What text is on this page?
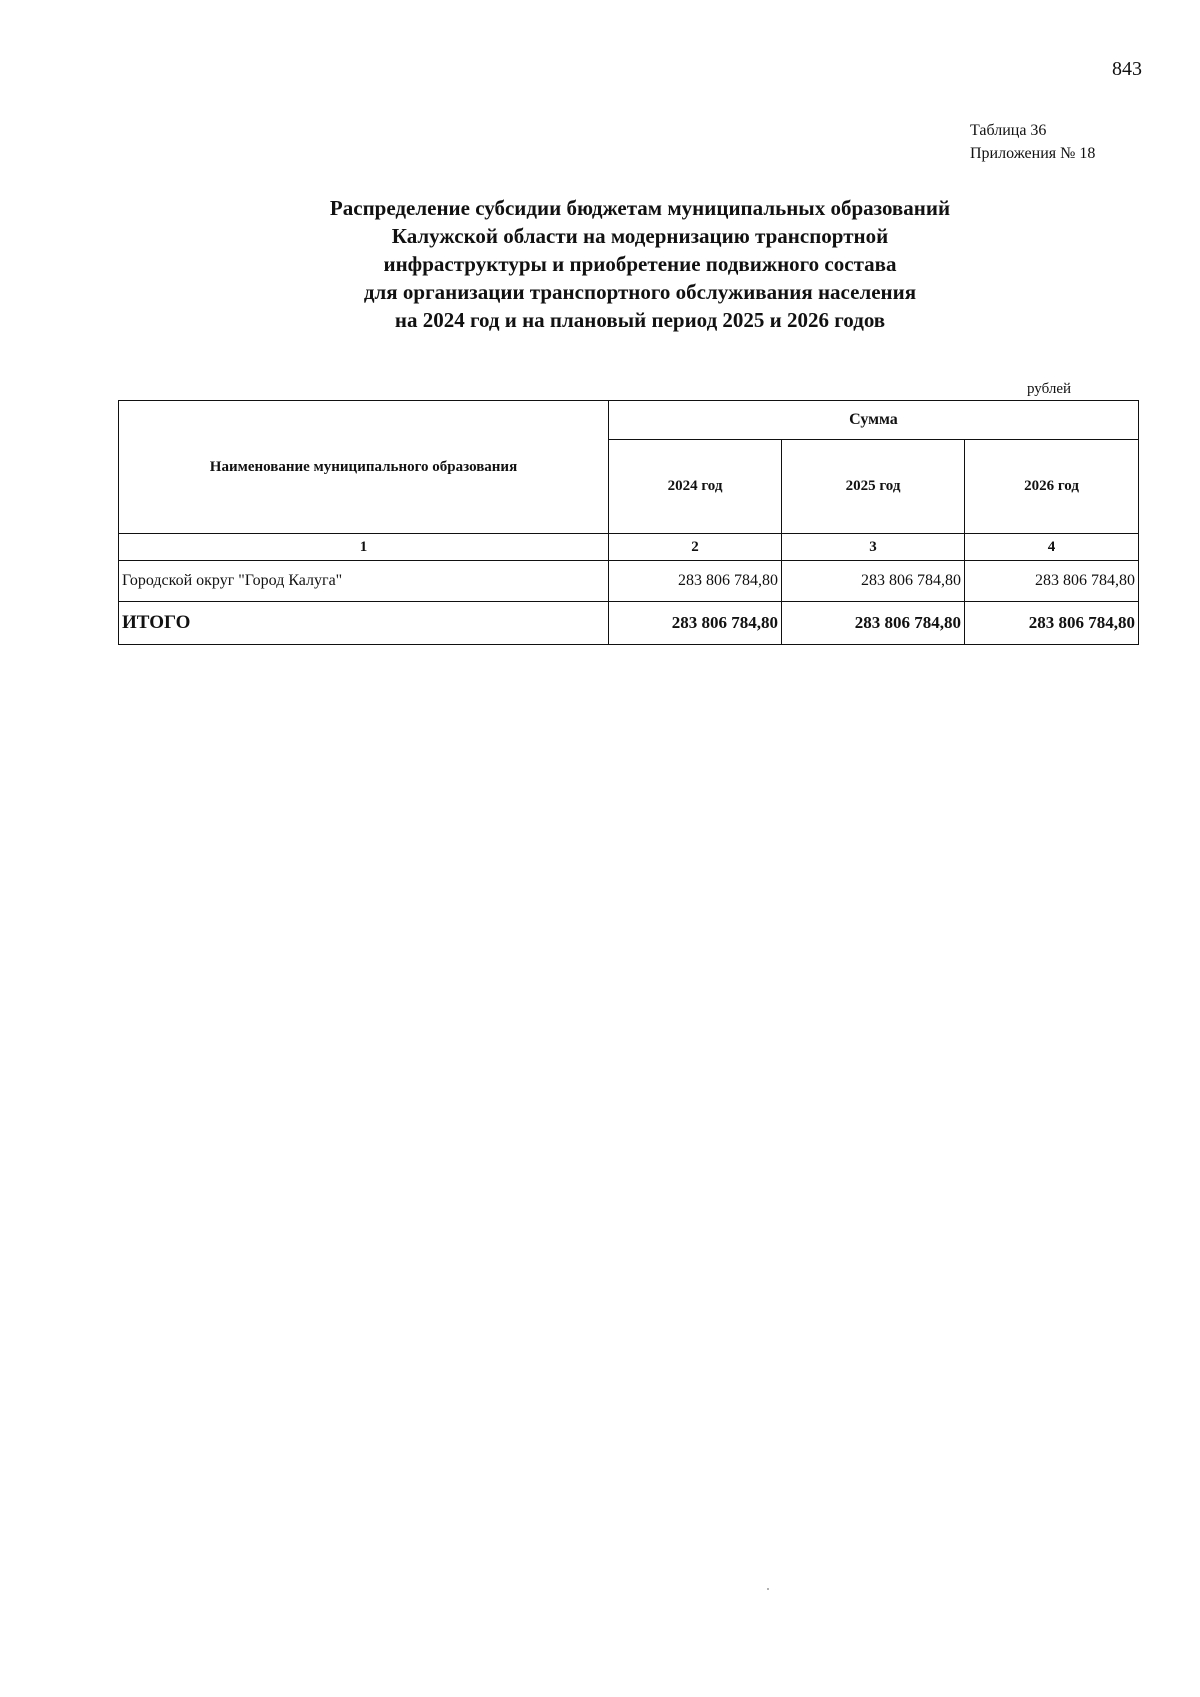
843
Таблица 36
Приложения № 18
Распределение субсидии бюджетам муниципальных образований
Калужской области на модернизацию транспортной
инфраструктуры и приобретение подвижного состава
для организации транспортного обслуживания населения
на 2024 год и на плановый период 2025 и 2026 годов
рублей
Наименование муниципального образования	Сумма		
	2024 год	2025 год	2026 год
1	2	3	4
Городской округ "Город Калуга"	283 806 784,80	283 806 784,80	283 806 784,80
ИТОГО	283 806 784,80	283 806 784,80	283 806 784,80
